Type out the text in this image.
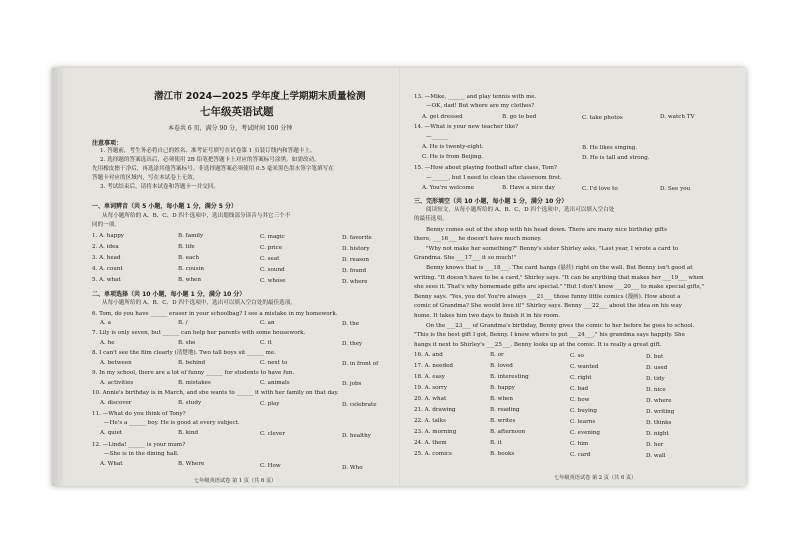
潜江市 2024—2025 学年度上学期期末质量检测
七年级英语试题
本卷共 6 页，满分 90 分，考试时间 100 分钟
注意事项：
1. 答题前，考生务必将自己的姓名、准考证号填写在试卷第 1 页装订线内和答题卡上。
2. 选择题的答案选出后，必须使用 2B 铅笔把答题卡上对应的答案标号涂黑，如需改动，
先用橡皮擦干净后，再选涂其他答案标号。非选择题答案必须使用 0.5 毫米黑色墨水签字笔填写在
答题卡对应的区域内，写在本试卷上无效。
3. 考试结束后，请将本试卷和答题卡一并交回。
一、单词辨音（共 5 小题，每小题 1 分，满分 5 分）
从每小题所给的 A、B、C、D 四个选项中，选出划线部分读音与其它三个不
同的一项。
1. A. happy	B. family	C. magic	D. favorite
2. A. idea	B. life	C. price	D. history
3. A. head	B. each	C. seat	D. reason
4. A. count	B. cousin	C. sound	D. found
5. A. what	B. when	C. whose	D. where
二、单项选择（共 10 小题，每小题 1 分，满分 10 分）
从每小题所给的 A、B、C、D 四个选项中，选出可以填入空白处的最佳选项。
6. Tom, do you have ______ eraser in your schoolbag? I see a mistake in my homework.
A. a	B. /	C. an	D. the
7. Lily is only seven, but ______ can help her parents with some housework.
A. he	B. she	C. it	D. they
8. I can't see the film clearly (清楚地). Two tall boys sit ______ me.
A. between	B. behind	C. next to	D. in front of
9. In my school, there are a lot of funny ______ for students to have fun.
A. activities	B. mistakes	C. animals	D. jobs
10. Annie's birthday is in March, and she wants to ______ it with her family on that day.
A. discover	B. study	C. play	D. celebrate
11. —What do you think of Tony?
—He's a ______ boy. He is good at every subject.
A. quiet	B. kind	C. clever	D. healthy
12. —Linda! ______ is your mum?
—She is in the dining hall.
A. What	B. Where	C. How	D. Who
七年级英语试卷 第 1 页（共 6 页）
13. —Mike, ______ and play tennis with me.
—OK, dad! But where are my clothes?
A. get dressed	B. go to bed	C. take photos	D. watch TV
14. —What is your new teacher like?
—______
A. He is twenty-eight.	B. He likes singing.
C. He is from Beijing.	D. He is tall and strong.
15. —How about playing football after class, Tom?
—______, but I need to clean the classroom first.
A. You're welcome	B. Have a nice day	C. I'd love to	D. See you
三、完形填空（共 10 小题，每小题 1 分，满分 10 分）
阅读短文，从每小题所给的 A、B、C、D 四个选项中，选出可以填入空白处
的最佳选项。
Benny comes out of the shop with his head down. There are many nice birthday gifts
there, ___16___ he doesn't have much money.
"Why not make her something?" Benny's sister Shirley asks, "Last year, I wrote a card to
Grandma. She ___17___ it so much!"
Benny knows that is ___18___. The card hangs (悬挂) right on the wall. But Benny isn't good at
writing. "It doesn't have to be a card," Shirley says. "It can be anything that makes her ___19___ when
she sees it. That's why homemade gifts are special." "But I don't know ___20___ to make special gifts,"
Benny says. "Yes, you do! You're always ___21___ those funny little comics (漫画). How about a
comic of Grandma? She would love it!" Shirley says. Benny ___22___ about the idea on his way
home. It takes him two days to finish it in his room.
On the ___23___ of Grandma's birthday, Benny gives the comic to her before he goes to school.
"This is the best gift I got, Benny. I know where to put ___24___," his grandma says happily. She
hangs it next to Shirley's ___25___. Benny looks up at the comic. It is really a great gift.
16. A. and	B. or	C. so	D. but
17. A. needed	B. loved	C. wanted	D. used
18. A. easy	B. interesting	C. right	D. tidy
19. A. sorry	B. happy	C. bad	D. nice
20. A. what	B. when	C. how	D. where
21. A. drawing	B. reading	C. buying	D. writing
22. A. talks	B. writes	C. learns	D. thinks
23. A. morning	B. afternoon	C. evening	D. night
24. A. them	B. it	C. him	D. her
25. A. comics	B. books	C. card	D. wall
七年级英语试卷 第 2 页（共 6 页）
